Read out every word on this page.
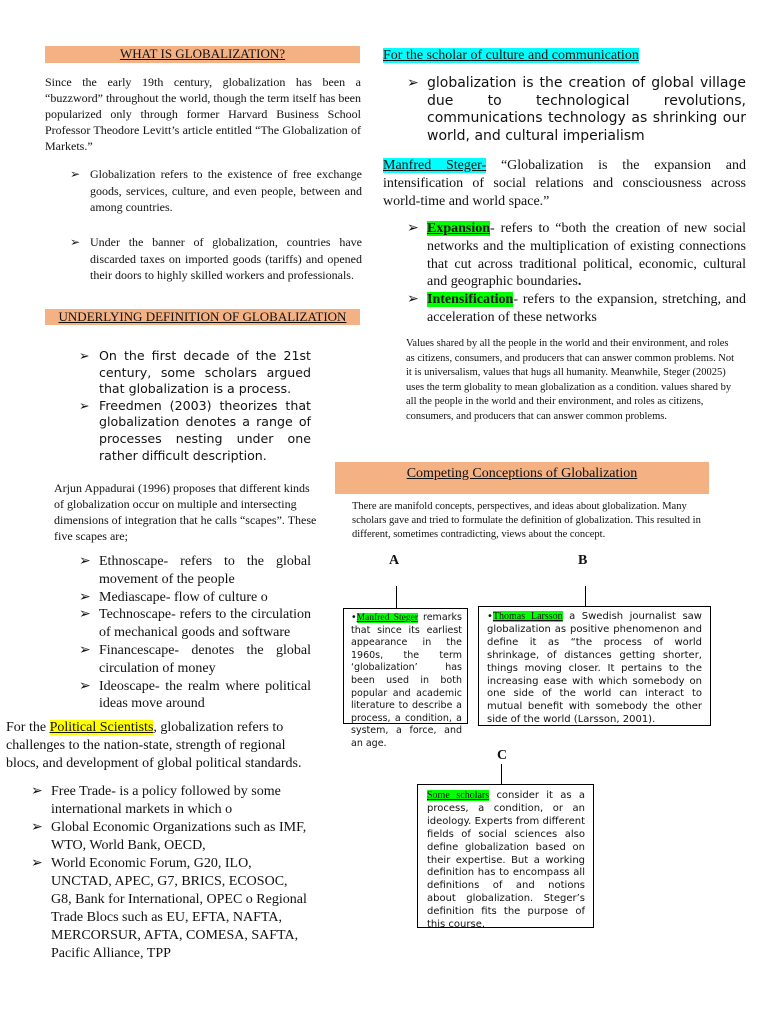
WHAT IS GLOBALIZATION?
Since the early 19th century, globalization has been a “buzzword” throughout the world, though the term itself has been popularized only through former Harvard Business School Professor Theodore Levitt’s article entitled “The Globalization of Markets.”
➢ Globalization refers to the existence of free exchange goods, services, culture, and even people, between and among countries.
➢ Under the banner of globalization, countries have discarded taxes on imported goods (tariffs) and opened their doors to highly skilled workers and professionals.
UNDERLYING DEFINITION OF GLOBALIZATION
➢ On the first decade of the 21st century, some scholars argued that globalization is a process.
➢ Freedmen (2003) theorizes that globalization denotes a range of processes nesting under one rather difficult description.
Arjun Appadurai (1996) proposes that different kinds of globalization occur on multiple and intersecting dimensions of integration that he calls “scapes”. These five scapes are;
➢ Ethnoscape- refers to the global movement of the people
➢ Mediascape- flow of culture o
➢ Technoscape- refers to the circulation of mechanical goods and software
➢ Financescape- denotes the global circulation of money
➢ Ideoscape- the realm where political ideas move around
For the Political Scientists, globalization refers to challenges to the nation-state, strength of regional blocs, and development of global political standards.
➢ Free Trade- is a policy followed by some international markets in which o
➢ Global Economic Organizations such as IMF, WTO, World Bank, OECD,
➢ World Economic Forum, G20, ILO, UNCTAD, APEC, G7, BRICS, ECOSOC, G8, Bank for International, OPEC o Regional Trade Blocs such as EU, EFTA, NAFTA, MERCORSUR, AFTA, COMESA, SAFTA, Pacific Alliance, TPP
For the scholar of culture and communication
➢ globalization is the creation of global village due to technological revolutions, communications technology as shrinking our world, and cultural imperialism
Manfred Steger- “Globalization is the expansion and intensification of social relations and consciousness across world-time and world space.”
➢ Expansion- refers to “both the creation of new social networks and the multiplication of existing connections that cut across traditional political, economic, cultural and geographic boundaries.
➢ Intensification- refers to the expansion, stretching, and acceleration of these networks
Values shared by all the people in the world and their environment, and roles as citizens, consumers, and producers that can answer common problems. Not it is universalism, values that hugs all humanity. Meanwhile, Steger (20025) uses the term globality to mean globalization as a condition. values shared by all the people in the world and their environment, and roles as citizens, consumers, and producers that can answer common problems.
Competing Conceptions of Globalization
There are manifold concepts, perspectives, and ideas about globalization. Many scholars gave and tried to formulate the definition of globalization. This resulted in different, sometimes contradicting, views about the concept.
A	B
•Manfred Steger remarks that since its earliest appearance in the 1960s, the term ‘globalization’ has been used in both popular and academic literature to describe a process, a condition, a system, a force, and an age.
•Thomas Larsson a Swedish journalist saw globalization as positive phenomenon and define it as “the process of world shrinkage, of distances getting shorter, things moving closer. It pertains to the increasing ease with which somebody on one side of the world can interact to mutual benefit with somebody the other side of the world (Larsson, 2001).
C
Some scholars consider it as a process, a condition, or an ideology. Experts from different fields of social sciences also define globalization based on their expertise. But a working definition has to encompass all definitions of and notions about globalization. Steger’s definition fits the purpose of this course.
